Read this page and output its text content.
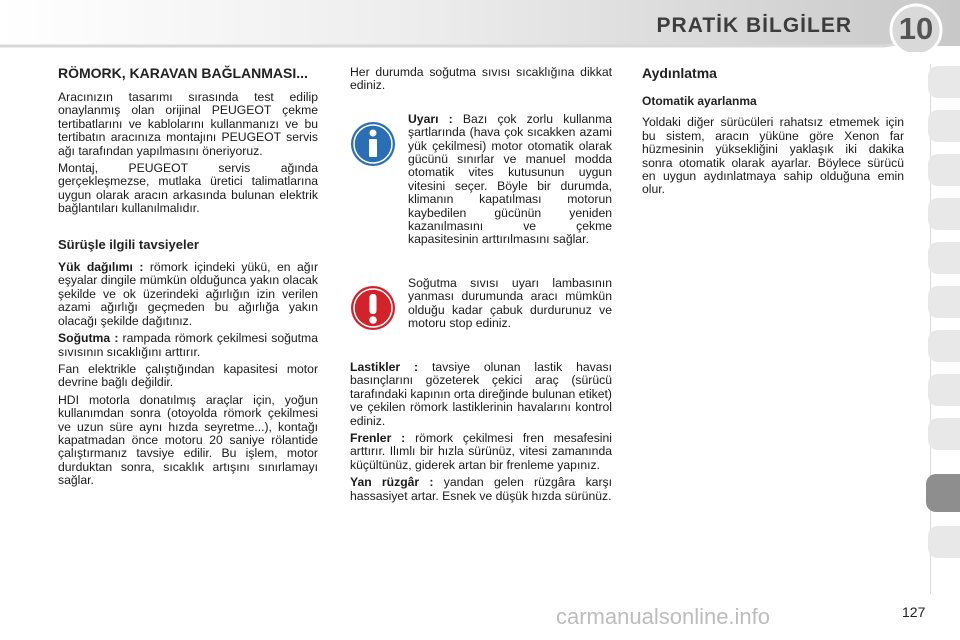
PRATİK BİLGİLER	10
RÖMORK, KARAVAN BAĞLANMASI...

Aracınızın tasarımı sırasında test edilip onaylanmış olan orijinal PEUGEOT çekme tertibatlarını ve kablolarını kullanmanızı ve bu tertibatın aracınıza montajını PEUGEOT servis ağı tarafından yapılmasını öneriyoruz.

Montaj, PEUGEOT servis ağında gerçekleşmezse, mutlaka üretici talimatlarına uygun olarak aracın arkasında bulunan elektrik bağlantıları kullanılmalıdır.

Sürüşle ilgili tavsiyeler

Yük dağılımı : römork içindeki yükü, en ağır eşyalar dingile mümkün olduğunca yakın olacak şekilde ve ok üzerindeki ağırlığın izin verilen azami ağırlığı geçmeden bu ağırlığa yakın olacağı şekilde dağıtınız.

Soğutma : rampada römork çekilmesi soğutma sıvısının sıcaklığını arttırır.

Fan elektrikle çalıştığından kapasitesi motor devrine bağlı değildir.

HDI motorla donatılmış araçlar için, yoğun kullanımdan sonra (otoyolda römork çekilmesi ve uzun süre aynı hızda seyretme...), kontağı kapatmadan önce motoru 20 saniye rölantide çalıştırmanız tavsiye edilir. Bu işlem, motor durduktan sonra, sıcaklık artışını sınırlamayı sağlar.

Her durumda soğutma sıvısı sıcaklığına dikkat ediniz.

Uyarı : Bazı çok zorlu kullanma şartlarında (hava çok sıcakken azami yük çekilmesi) motor otomatik olarak gücünü sınırlar ve manuel modda otomatik vites kutusunun uygun vitesini seçer. Böyle bir durumda, klimanın kapatılması motorun kaybedilen gücünün yeniden kazanılmasını ve çekme kapasitesinin arttırılmasını sağlar.

Soğutma sıvısı uyarı lambasının yanması durumunda aracı mümkün olduğu kadar çabuk durdurunuz ve motoru stop ediniz.

Lastikler : tavsiye olunan lastik havası basınçlarını gözeterek çekici araç (sürücü tarafındaki kapının orta direğinde bulunan etiket) ve çekilen römork lastiklerinin havalarını kontrol ediniz.

Frenler : römork çekilmesi fren mesafesini arttırır. Ilımlı bir hızla sürünüz, vitesi zamanında küçültünüz, giderek artan bir frenleme yapınız.

Yan rüzgâr : yandan gelen rüzgâra karşı hassasiyet artar. Esnek ve düşük hızda sürünüz.

Aydınlatma
Otomatik ayarlanma

Yoldaki diğer sürücüleri rahatsız etmemek için bu sistem, aracın yüküne göre Xenon far hüzmesinin yüksekliğini yaklaşık iki dakika sonra otomatik olarak ayarlar. Böylece sürücü en uygun aydınlatmaya sahip olduğuna emin olur.

carmanualsonline.info	127
